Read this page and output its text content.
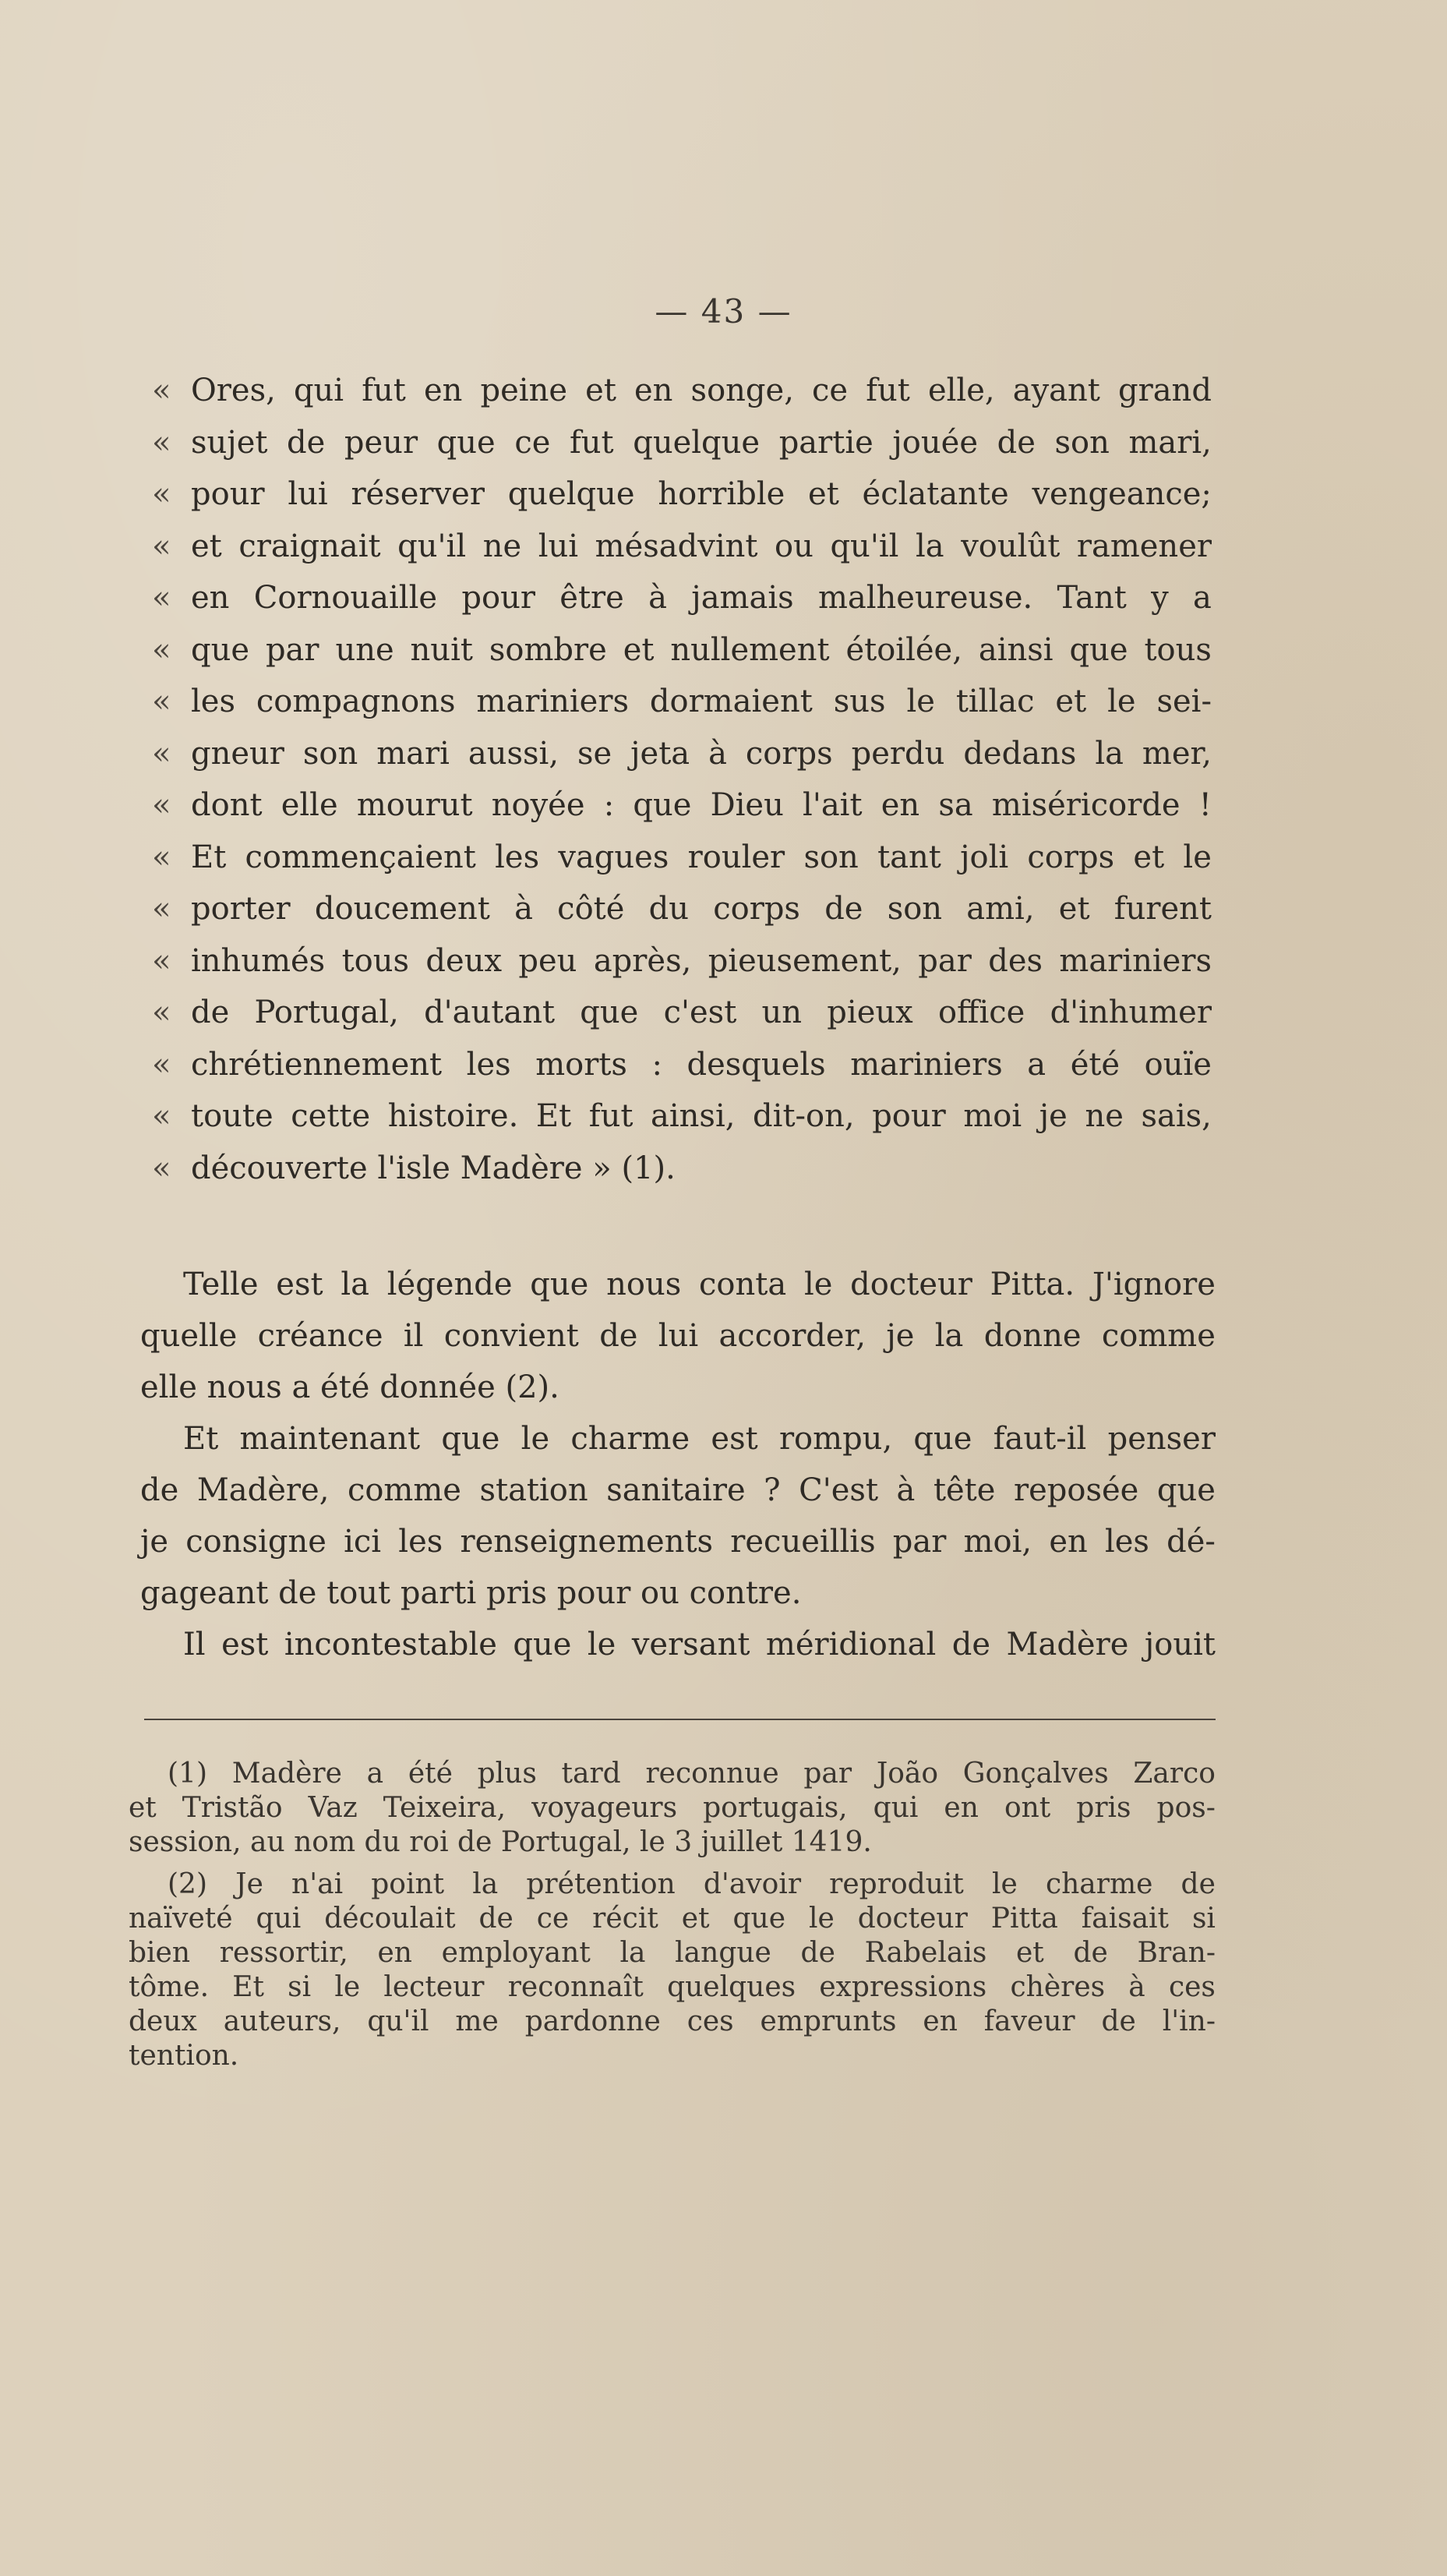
— 43 —
« Ores, qui fut en peine et en songe, ce fut elle, ayant grand
« sujet de peur que ce fut quelque partie jouée de son mari,
« pour lui réserver quelque horrible et éclatante vengeance;
« et craignait qu'il ne lui mésadvint ou qu'il la voulût ramener
« en Cornouaille pour être à jamais malheureuse. Tant y a
« que par une nuit sombre et nullement étoilée, ainsi que tous
« les compagnons mariniers dormaient sus le tillac et le sei-
« gneur son mari aussi, se jeta à corps perdu dedans la mer,
« dont elle mourut noyée : que Dieu l'ait en sa miséricorde !
« Et commençaient les vagues rouler son tant joli corps et le
« porter doucement à côté du corps de son ami, et furent
« inhumés tous deux peu après, pieusement, par des mariniers
« de Portugal, d'autant que c'est un pieux office d'inhumer
« chrétiennement les morts : desquels mariniers a été ouïe
« toute cette histoire. Et fut ainsi, dit-on, pour moi je ne sais,
« découverte l'isle Madère » (1).
Telle est la légende que nous conta le docteur Pitta. J'ignore
quelle créance il convient de lui accorder, je la donne comme
elle nous a été donnée (2).
Et maintenant que le charme est rompu, que faut-il penser
de Madère, comme station sanitaire ? C'est à tête reposée que
je consigne ici les renseignements recueillis par moi, en les dé-
gageant de tout parti pris pour ou contre.
Il est incontestable que le versant méridional de Madère jouit
(1) Madère a été plus tard reconnue par João Gonçalves Zarco
et Tristão Vaz Teixeira, voyageurs portugais, qui en ont pris pos-
session, au nom du roi de Portugal, le 3 juillet 1419.
(2) Je n'ai point la prétention d'avoir reproduit le charme de
naïveté qui découlait de ce récit et que le docteur Pitta faisait si
bien ressortir, en employant la langue de Rabelais et de Bran-
tôme. Et si le lecteur reconnaît quelques expressions chères à ces
deux auteurs, qu'il me pardonne ces emprunts en faveur de l'in-
tention.
